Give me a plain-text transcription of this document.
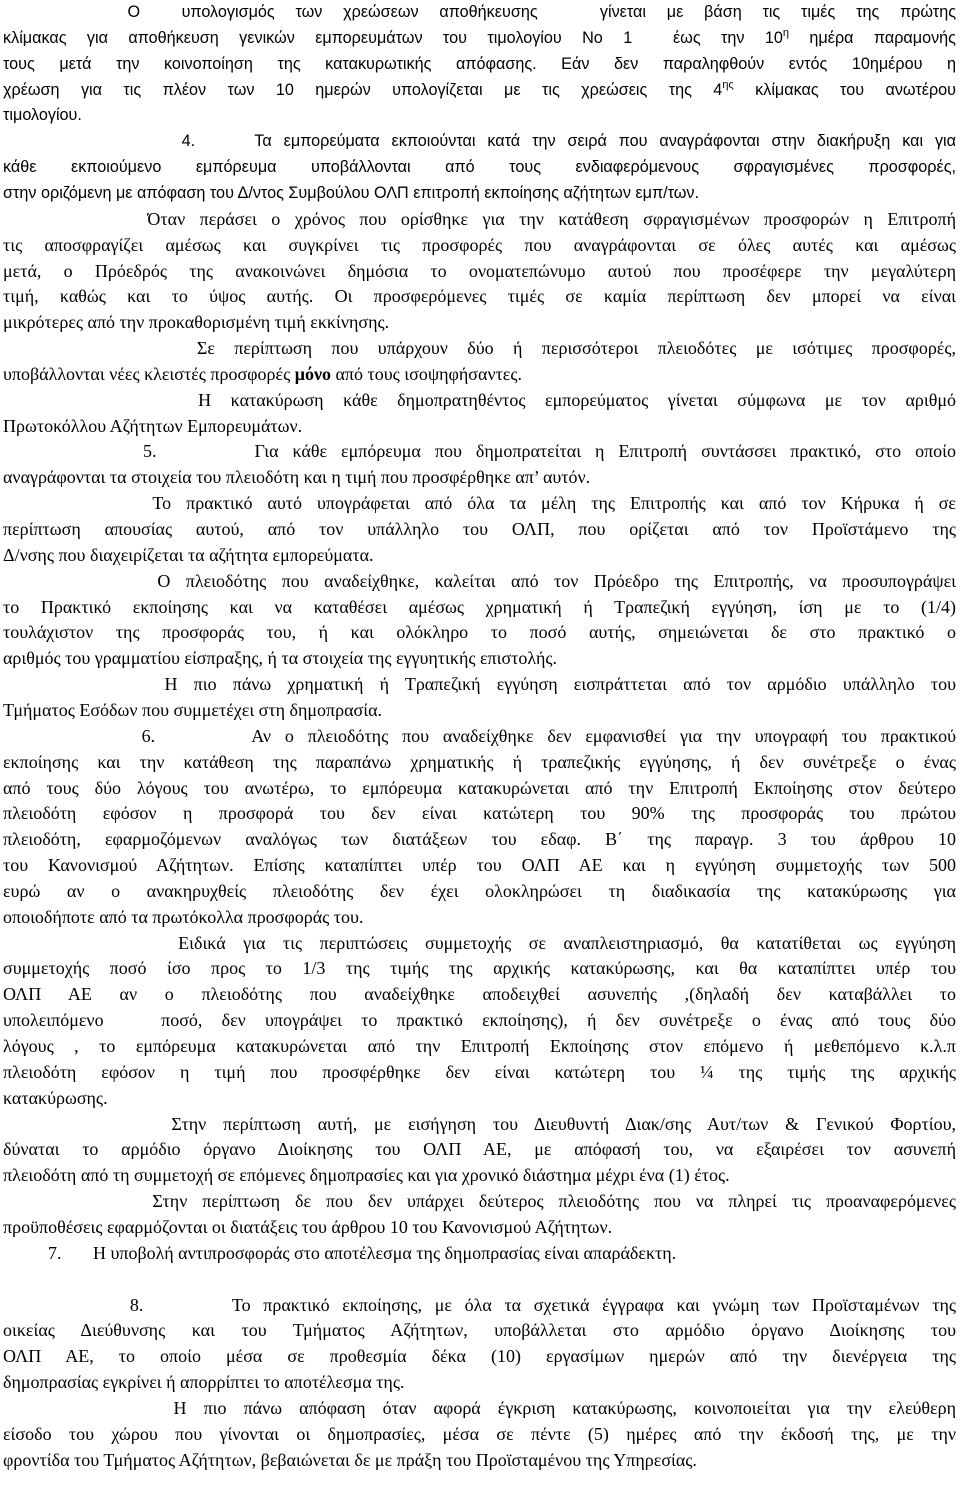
Ο  υπολογισμός των χρεώσεων αποθήκευσης   γίνεται με βάση τις τιμές της πρώτης
κλίμακας για αποθήκευση γενικών εμπορευμάτων του τιμολογίου Νο 1  έως την $10^\eta$ ημέρα παραμονής
τους μετά την κοινοποίηση της κατακυρωτικής απόφασης. Εάν δεν παραληφθούν εντός 10ημέρου η
χρέωση για τις πλέον των 10 ημερών υπολογίζεται με τις χρεώσεις της $4^{\eta\varsigma}$ κλίμακας του ανωτέρου
τιμολογίου.
4.     Τα εμπορεύματα εκποιούνται κατά την σειρά που αναγράφονται στην διακήρυξη και για
κάθε εκποιούμενο εμπόρευμα υποβάλλονται από τους ενδιαφερόμενους σφραγισμένες προσφορές,
στην οριζόμενη με απόφαση του Δ/ντος Συμβούλου ΟΛΠ επιτροπή εκποίησης αζήτητων εμπ/των.
Όταν περάσει ο χρόνος που ορίσθηκε για την κατάθεση σφραγισμένων προσφορών η Επιτροπή
τις αποσφραγίζει αμέσως και συγκρίνει τις προσφορές που αναγράφονται σε όλες αυτές και αμέσως
μετά, ο Πρόεδρός της ανακοινώνει δημόσια το ονοματεπώνυμο αυτού που προσέφερε την μεγαλύτερη
τιμή, καθώς και το ύψος αυτής. Οι προσφερόμενες τιμές σε καμία περίπτωση δεν μπορεί να είναι
μικρότερες από την προκαθορισμένη τιμή εκκίνησης.
Σε περίπτωση που υπάρχουν δύο ή περισσότεροι πλειοδότες με ισότιμες προσφορές,
υποβάλλονται νέες κλειστές προσφορές μόνο από τους ισοψηφήσαντες.
Η κατακύρωση κάθε δημοπρατηθέντος εμπορεύματος γίνεται σύμφωνα με τον αριθμό
Πρωτοκόλλου Αζήτητων Εμπορευμάτων.
5.       Για κάθε εμπόρευμα που δημοπρατείται η Επιτροπή συντάσσει πρακτικό, στο οποίο
αναγράφονται τα στοιχεία του πλειοδότη και η τιμή που προσφέρθηκε απ’ αυτόν.
Το πρακτικό αυτό υπογράφεται από όλα τα μέλη της Επιτροπής και από τον Κήρυκα ή σε
περίπτωση απουσίας αυτού, από τον υπάλληλο του ΟΛΠ, που ορίζεται από τον Προϊστάμενο της
Δ/νσης που διαχειρίζεται τα αζήτητα εμπορεύματα.
Ο πλειοδότης που αναδείχθηκε, καλείται από τον Πρόεδρο της Επιτροπής, να προσυπογράψει
το Πρακτικό εκποίησης και να καταθέσει αμέσως χρηματική ή Τραπεζική εγγύηση, ίση με το (1/4)
τουλάχιστον της προσφοράς του, ή και ολόκληρο το ποσό αυτής, σημειώνεται δε στο πρακτικό ο
αριθμός του γραμματίου είσπραξης, ή τα στοιχεία της εγγυητικής επιστολής.
Η πιο πάνω χρηματική ή Τραπεζική εγγύηση εισπράττεται από τον αρμόδιο υπάλληλο του
Τμήματος Εσόδων που συμμετέχει στη δημοπρασία.
6.       Αν ο πλειοδότης που αναδείχθηκε δεν εμφανισθεί για την υπογραφή του πρακτικού
εκποίησης και την κατάθεση της παραπάνω χρηματικής ή τραπεζικής εγγύησης, ή δεν συνέτρεξε ο ένας
από τους δύο λόγους του ανωτέρω, το εμπόρευμα κατακυρώνεται από την Επιτροπή Εκποίησης στον δεύτερο
πλειοδότη εφόσον η προσφορά του δεν είναι κατώτερη του 90% της προσφοράς του πρώτου
πλειοδότη, εφαρμοζόμενων αναλόγως των διατάξεων του εδαφ. Β΄ της παραγρ. 3 του άρθρου 10
του Κανονισμού Αζήτητων. Επίσης καταπίπτει υπέρ του ΟΛΠ ΑΕ και η εγγύηση συμμετοχής των 500
ευρώ αν ο ανακηρυχθείς πλειοδότης δεν έχει ολοκληρώσει τη διαδικασία της κατακύρωσης για
οποιοδήποτε από τα πρωτόκολλα προσφοράς του.
Ειδικά για τις περιπτώσεις συμμετοχής σε αναπλειστηριασμό, θα κατατίθεται ως εγγύηση
συμμετοχής ποσό ίσο προς το 1/3 της τιμής της αρχικής κατακύρωσης, και θα καταπίπτει υπέρ του
ΟΛΠ ΑΕ αν ο πλειοδότης που αναδείχθηκε αποδειχθεί ασυνεπής ,(δηλαδή δεν καταβάλλει το
υπολειπόμενο   ποσό, δεν υπογράψει το πρακτικό εκποίησης), ή δεν συνέτρεξε ο ένας από τους δύο
λόγους , το εμπόρευμα κατακυρώνεται από την Επιτροπή Εκποίησης στον επόμενο ή μεθεπόμενο κ.λ.π
πλειοδότη εφόσον η τιμή που προσφέρθηκε δεν είναι κατώτερη του ¼ της τιμής της αρχικής
κατακύρωσης.
Στην περίπτωση αυτή, με εισήγηση του Διευθυντή Διακ/σης Αυτ/των & Γενικού Φορτίου,
δύναται το αρμόδιο όργανο Διοίκησης του ΟΛΠ ΑΕ, με απόφασή του, να εξαιρέσει τον ασυνεπή
πλειοδότη από τη συμμετοχή σε επόμενες δημοπρασίες και για χρονικό διάστημα μέχρι ένα (1) έτος.
Στην περίπτωση δε που δεν υπάρχει δεύτερος πλειοδότης που να πληρεί τις προαναφερόμενες
προϋποθέσεις εφαρμόζονται οι διατάξεις του άρθρου 10 του Κανονισμού Αζήτητων.
7.       Η υποβολή αντιπροσφοράς στο αποτέλεσμα της δημοπρασίας είναι απαράδεκτη.
8.       Το πρακτικό εκποίησης, με όλα τα σχετικά έγγραφα και γνώμη των Προϊσταμένων της
οικείας Διεύθυνσης και του Τμήματος Αζήτητων, υποβάλλεται στο αρμόδιο όργανο Διοίκησης του
ΟΛΠ ΑΕ, το οποίο μέσα σε προθεσμία δέκα (10) εργασίμων ημερών από την διενέργεια της
δημοπρασίας εγκρίνει ή απορρίπτει το αποτέλεσμα της.
Η πιο πάνω απόφαση όταν αφορά έγκριση κατακύρωσης, κοινοποιείται για την ελεύθερη
είσοδο του χώρου που γίνονται οι δημοπρασίες, μέσα σε πέντε (5) ημέρες από την έκδοσή της, με την
φροντίδα του Τμήματος Αζήτητων, βεβαιώνεται δε με πράξη του Προϊσταμένου της Υπηρεσίας.
